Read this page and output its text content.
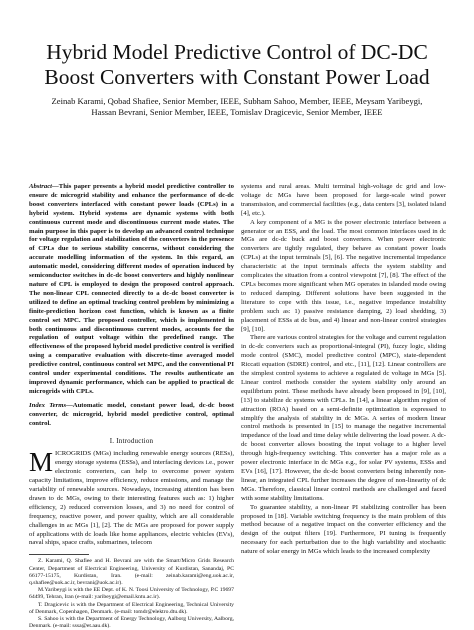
Hybrid Model Predictive Control of DC-DC Boost Converters with Constant Power Load
Zeinab Karami, Qobad Shafiee, Senior Member, IEEE, Subham Sahoo, Member, IEEE, Meysam Yaribeygi,
Hassan Bevrani, Senior Member, IEEE, Tomislav Dragicevic, Senior Member, IEEE

Abstract—This paper presents a hybrid model predictive controller to ensure dc microgrid stability and enhance the performance of dc-dc boost converters interfaced with constant power loads (CPLs) in a hybrid system. Hybrid systems are dynamic systems with both continuous current mode and discontinuous current mode states. The main purpose in this paper is to develop an advanced control technique for voltage regulation and stabilization of the converters in the presence of CPLs due to serious stability concerns, without considering the accurate modelling information of the system. In this regard, an automatic model, considering different modes of operation induced by semiconductor switches in dc-dc boost converters and highly nonlinear nature of CPL is employed to design the proposed control approach. The non-linear CPL connected directly to a dc-dc boost converter is utilized to define an optimal tracking control problem by minimizing a finite-prediction horizon cost function, which is known as a finite control set MPC. The proposed controller, which is implemented in both continuous and discontinuous current modes, accounts for the regulation of output voltage within the predefined range. The effectiveness of the proposed hybrid model predictive control is verified using a comparative evaluation with discrete-time averaged model predictive control, continuous control set MPC, and the conventional PI control under experimental conditions. The results authenticate an improved dynamic performance, which can be applied to practical dc microgrids with CPLs.

Index Terms—Automatic model, constant power load, dc-dc boost converter, dc microgrid, hybrid model predictive control, optimal control.

I. Introduction

MICROGRIDS (MGs) including renewable energy sources (RESs), energy storage systems (ESSs), and interfacing devices i.e., power electronic converters, can help to overcome power system capacity limitations, improve efficiency, reduce emissions, and manage the variability of renewable sources. Nowadays, increasing attention has been drawn to dc MGs, owing to their interesting features such as: 1) higher efficiency, 2) reduced conversion losses, and 3) no need for control of frequency, reactive power, and power quality, which are all considerable challenges in ac MGs [1], [2]. The dc MGs are proposed for power supply of applications with dc loads like home appliances, electric vehicles (EVs), naval ships, space crafts, submarines, telecom

Z. Karami, Q. Shafiee and H. Bevrani are with the Smart/Micro Grids Research Center, Department of Electrical Engineering, University of Kurdistan, Sanandaj, PC 66177-15175, Kurdistan, Iran. (e-mail: zeinab.karami@eng.uok.ac.ir, q.shafiee@uok.ac.ir, bevrani@uok.ac.ir).

M.Yaribeygi is with the EE Dept. of K. N. Toosi University of Technology, P.C 19697 64499, Tehran, Iran (e-mail: yaribeygi@email.kntu.ac.ir).

T. Dragicevic is with the Department of Electrical Engineering, Technical University of Denmark, Copenhagen, Denmark. (e-mail: tomdr@elektro.dtu.dk).

S. Sahoo is with the Department of Energy Technology, Aalborg University, Aalborg, Denmark. (e-mail: sssa@et.aau.dk).

systems and rural areas. Multi terminal high-voltage dc grid and low-voltage dc MGs have been proposed for large-scale wind power transmission, and commercial facilities (e.g., data centers [3], isolated island [4], etc.).

A key component of a MG is the power electronic interface between a generator or an ESS, and the load. The most common interfaces used in dc MGs are dc-dc buck and boost converters. When power electronic converters are tightly regulated, they behave as constant power loads (CPLs) at the input terminals [5], [6]. The negative incremental impedance characteristic at the input terminals affects the system stability and complicates the situation from a control viewpoint [7], [8]. The effect of the CPLs becomes more significant when MG operates in islanded mode owing to reduced damping. Different solutions have been suggested in the literature to cope with this issue, i.e., negative impedance instability problem such as: 1) passive resistance damping, 2) load shedding, 3) placement of ESSs at dc bus, and 4) linear and non-linear control strategies [9], [10].

There are various control strategies for the voltage and current regulation in dc-dc converters such as proportional-integral (PI), fuzzy logic, sliding mode control (SMC), model predictive control (MPC), state-dependent Riccati equation (SDRE) control, and etc., [11], [12]. Linear controllers are the simplest control systems to achieve a regulated dc voltage in MGs [5]. Linear control methods consider the system stability only around an equilibrium point. These methods have already been proposed in [9], [10], [13] to stabilize dc systems with CPLs. In [14], a linear algorithm region of attraction (ROA) based on a semi-definite optimization is expressed to simplify the analysis of stability in dc MGs. A series of modern linear control methods is presented in [15] to manage the negative incremental impedance of the load and time delay while delivering the load power. A dc-dc boost converter allows boosting the input voltage to a higher level through high-frequency switching. This converter has a major role as a power electronic interface in dc MGs e.g., for solar PV systems, ESSs and EVs [16], [17]. However, the dc-dc boost converters being inherently non-linear, an integrated CPL further increases the degree of non-linearity of dc MGs. Therefore, classical linear control methods are challenged and faced with some stability limitations.

To guarantee stability, a non-linear PI stabilizing controller has been proposed in [18]. Variable switching frequency is the main problem of this method because of a negative impact on the converter efficiency and the design of the output filters [19]. Furthermore, PI tuning is frequently necessary for each perturbation due to the high variability and stochastic nature of solar energy in MGs which leads to the increased complexity
